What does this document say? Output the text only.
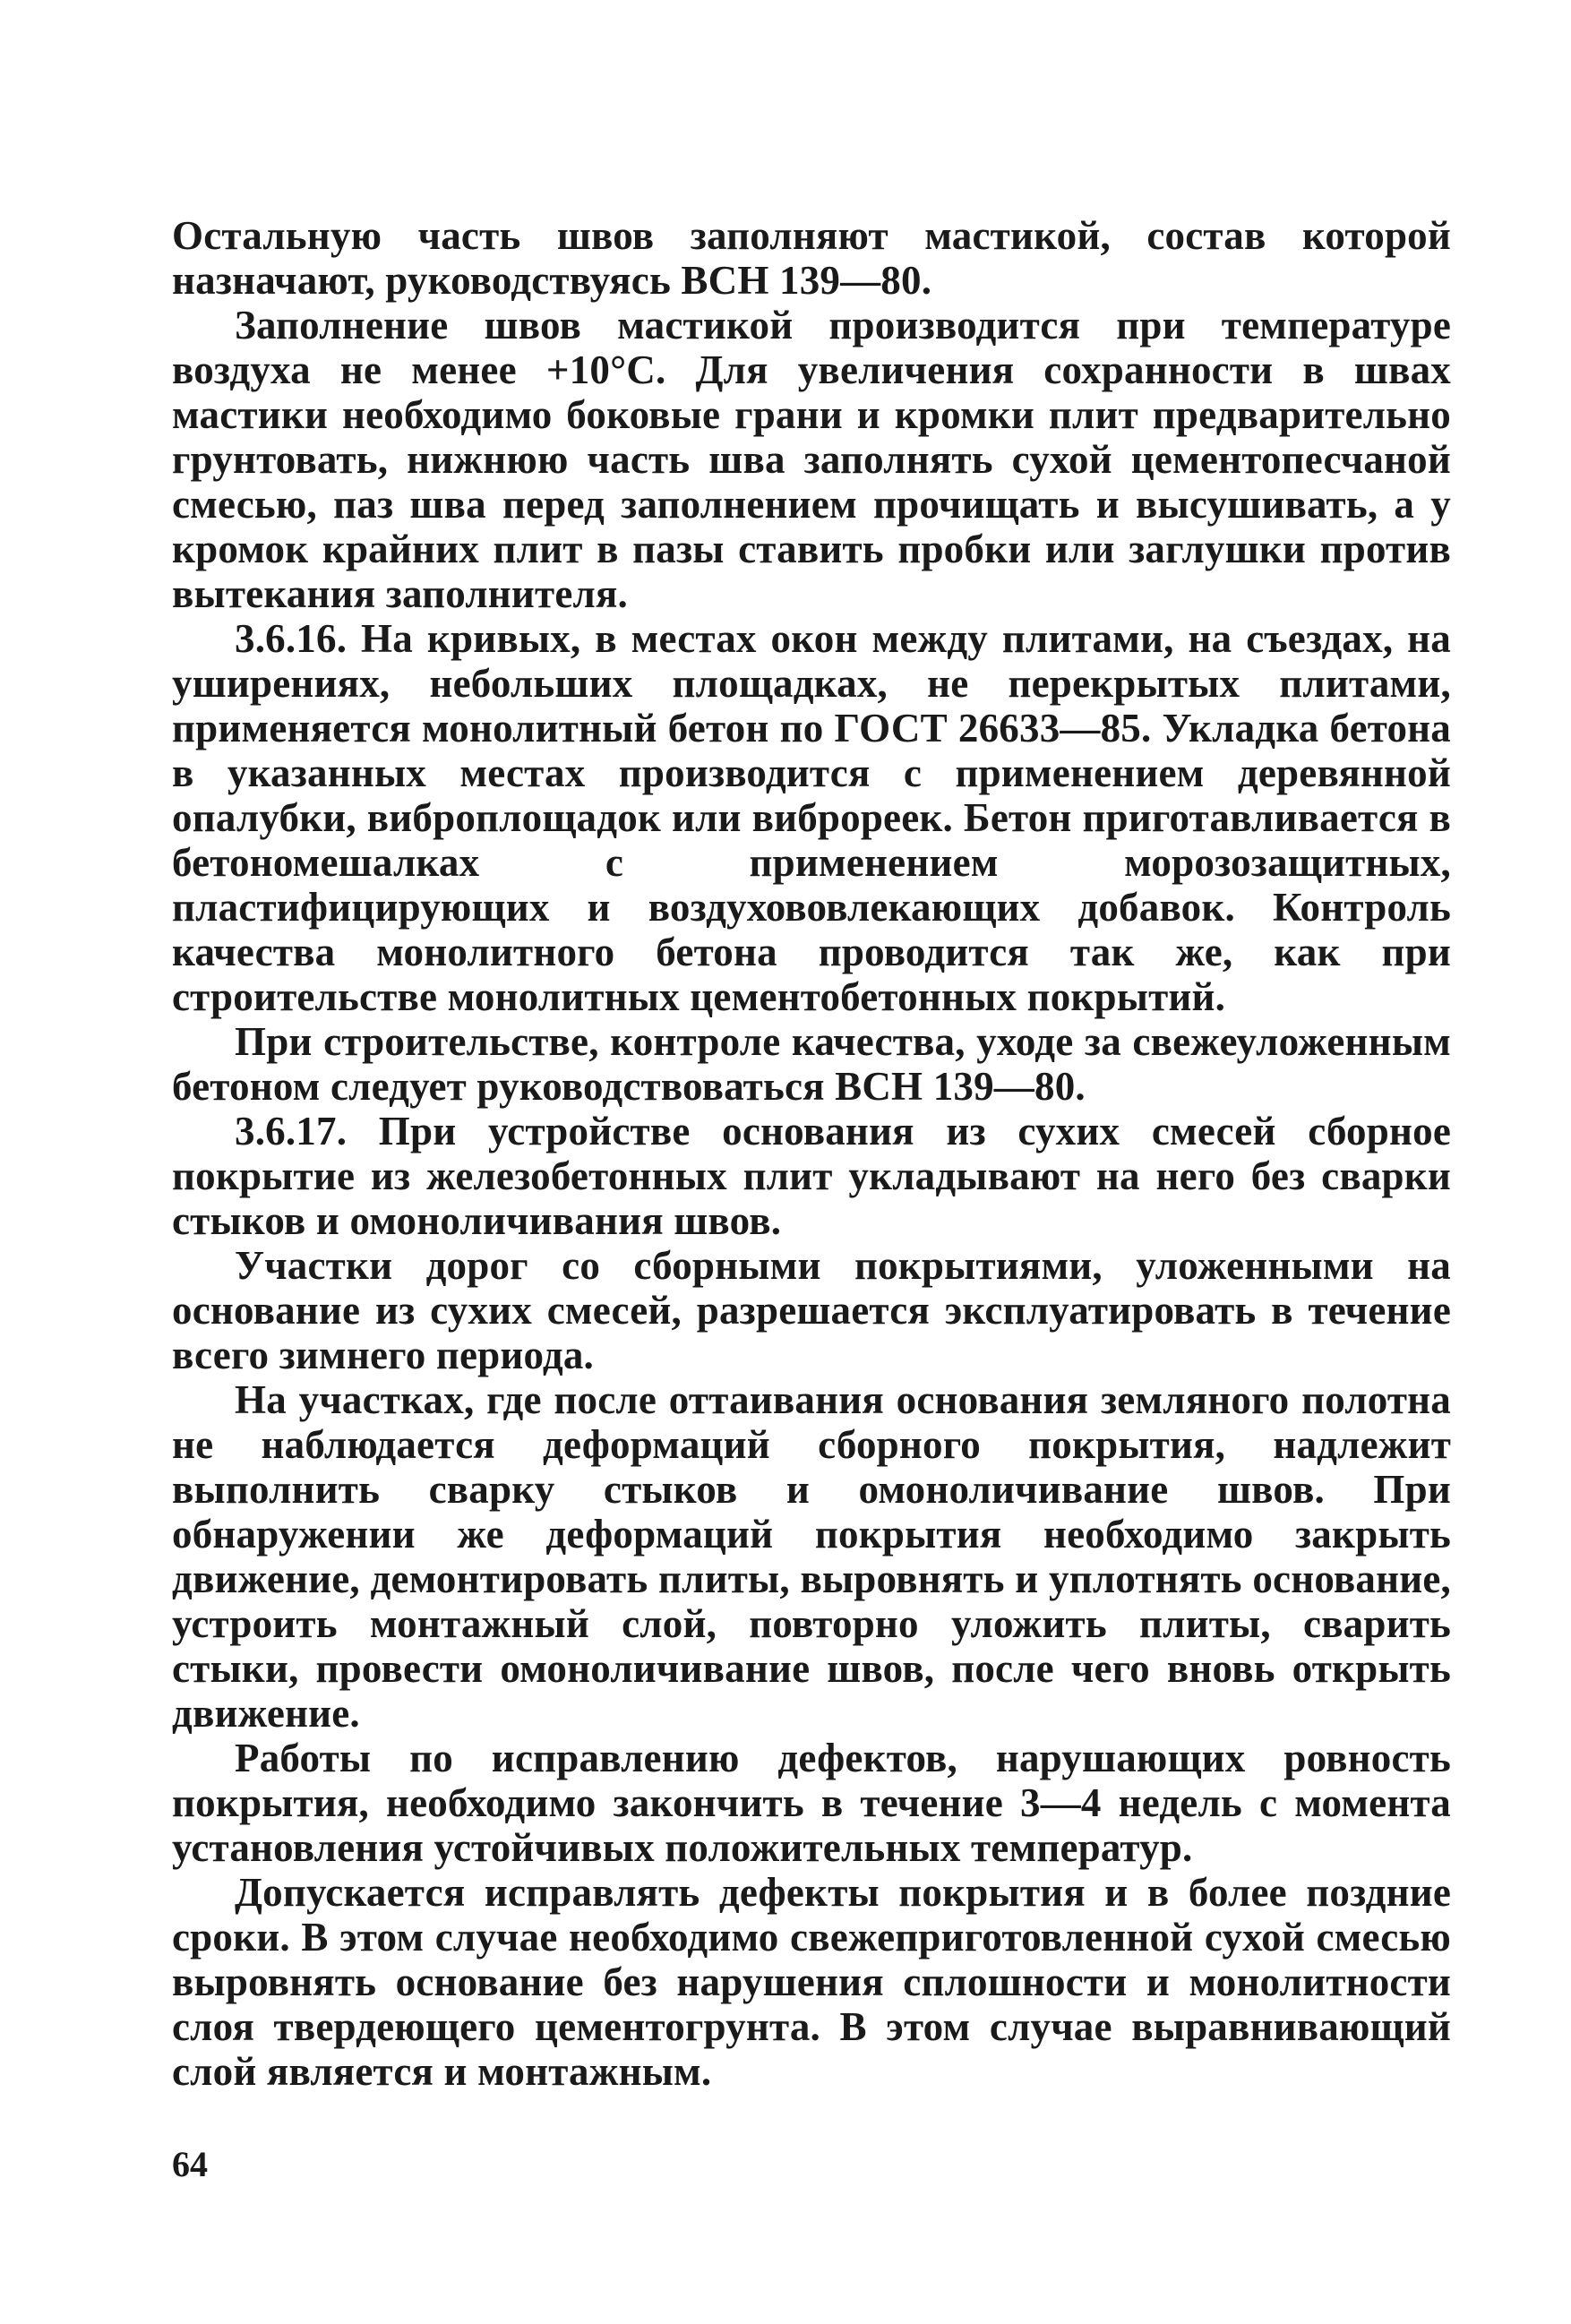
Остальную часть швов заполняют мастикой, состав которой назначают, руководствуясь ВСН 139—80.

Заполнение швов мастикой производится при температуре воздуха не менее +10°С. Для увеличения сохранности в швах мастики необходимо боковые грани и кромки плит предварительно грунтовать, нижнюю часть шва заполнять сухой цементопесчаной смесью, паз шва перед заполнением прочищать и высушивать, а у кромок крайних плит в пазы ставить пробки или заглушки против вытекания заполнителя.

3.6.16. На кривых, в местах окон между плитами, на съездах, на уширениях, небольших площадках, не перекрытых плитами, применяется монолитный бетон по ГОСТ 26633—85. Укладка бетона в указанных местах производится с применением деревянной опалубки, виброплощадок или виброреек. Бетон приготавливается в бетономешалках с применением морозозащитных, пластифицирующих и воздухововлекающих добавок. Контроль качества монолитного бетона проводится так же, как при строительстве монолитных цементобетонных покрытий.

При строительстве, контроле качества, уходе за свежеуложенным бетоном следует руководствоваться ВСН 139—80.

3.6.17. При устройстве основания из сухих смесей сборное покрытие из железобетонных плит укладывают на него без сварки стыков и омоноличивания швов.

Участки дорог со сборными покрытиями, уложенными на основание из сухих смесей, разрешается эксплуатировать в течение всего зимнего периода.

На участках, где после оттаивания основания земляного полотна не наблюдается деформаций сборного покрытия, надлежит выполнить сварку стыков и омоноличивание швов. При обнаружении же деформаций покрытия необходимо закрыть движение, демонтировать плиты, выровнять и уплотнять основание, устроить монтажный слой, повторно уложить плиты, сварить стыки, провести омоноличивание швов, после чего вновь открыть движение.

Работы по исправлению дефектов, нарушающих ровность покрытия, необходимо закончить в течение 3—4 недель с момента установления устойчивых положительных температур.

Допускается исправлять дефекты покрытия и в более поздние сроки. В этом случае необходимо свежеприготовленной сухой смесью выровнять основание без нарушения сплошности и монолитности слоя твердеющего цементогрунта. В этом случае выравнивающий слой является и монтажным.

64
